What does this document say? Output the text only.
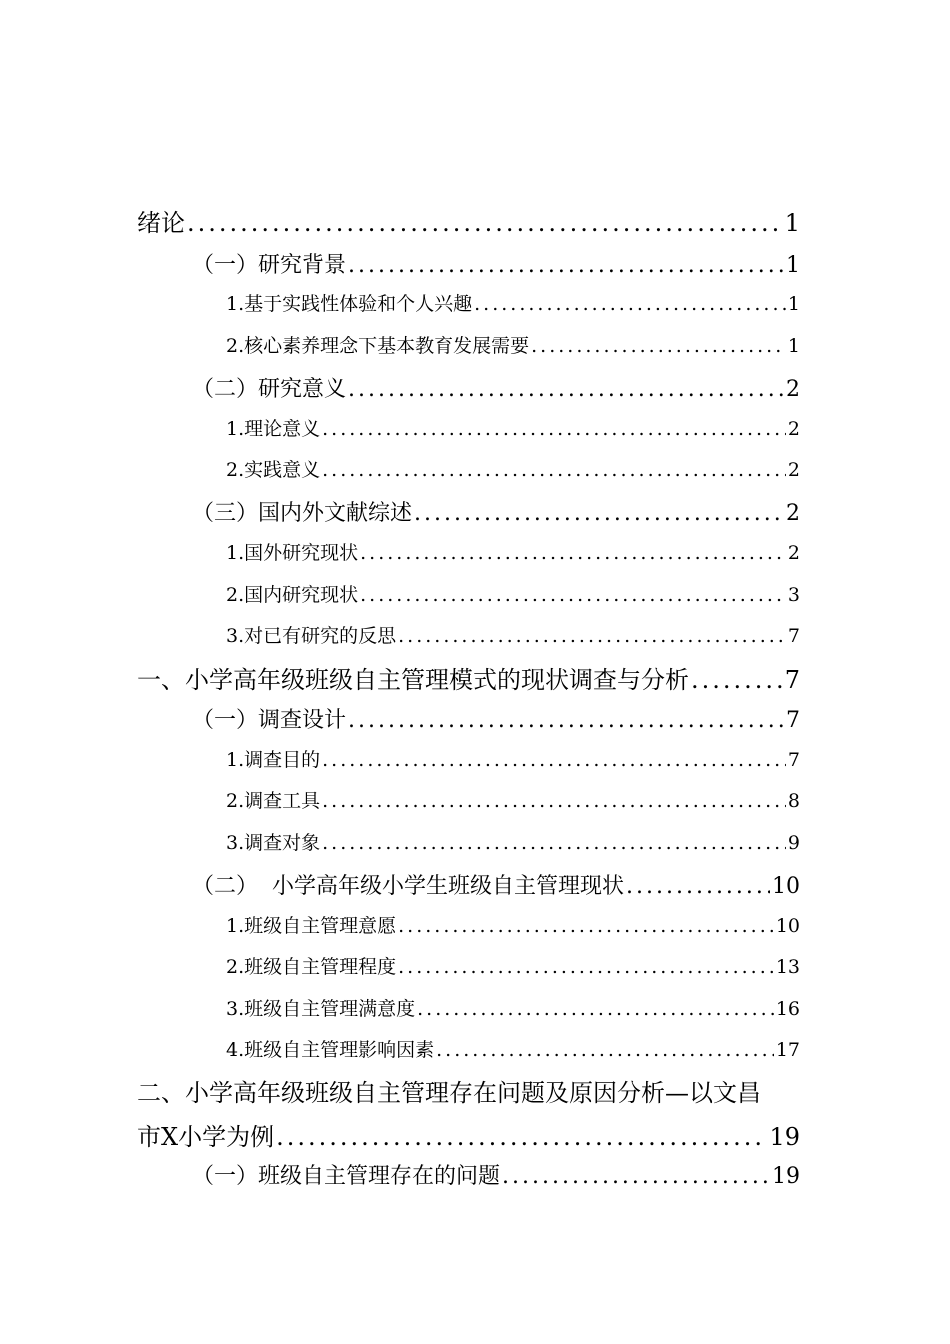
绪论 .....	1
（一）研究背景 .....	1
1.基于实践性体验和个人兴趣 .....	1
2.核心素养理念下基本教育发展需要 .....	1
（二）研究意义 .....	2
1.理论意义 .....	2
2.实践意义 .....	2
（三）国内外文献综述 .....	2
1.国外研究现状 .....	2
2.国内研究现状 .....	3
3.对已有研究的反思 .....	7
一、小学高年级班级自主管理模式的现状调查与分析 .....	7
（一）调查设计 .....	7
1.调查目的 .....	7
2.调查工具 .....	8
3.调查对象 .....	9
（二）  小学高年级小学生班级自主管理现状 .....	10
1.班级自主管理意愿 .....	10
2.班级自主管理程度 .....	13
3.班级自主管理满意度 .....	16
4.班级自主管理影响因素 .....	17
二、小学高年级班级自主管理存在问题及原因分析—以文昌
市X小学为例 .....	19
（一）班级自主管理存在的问题 .....	19
